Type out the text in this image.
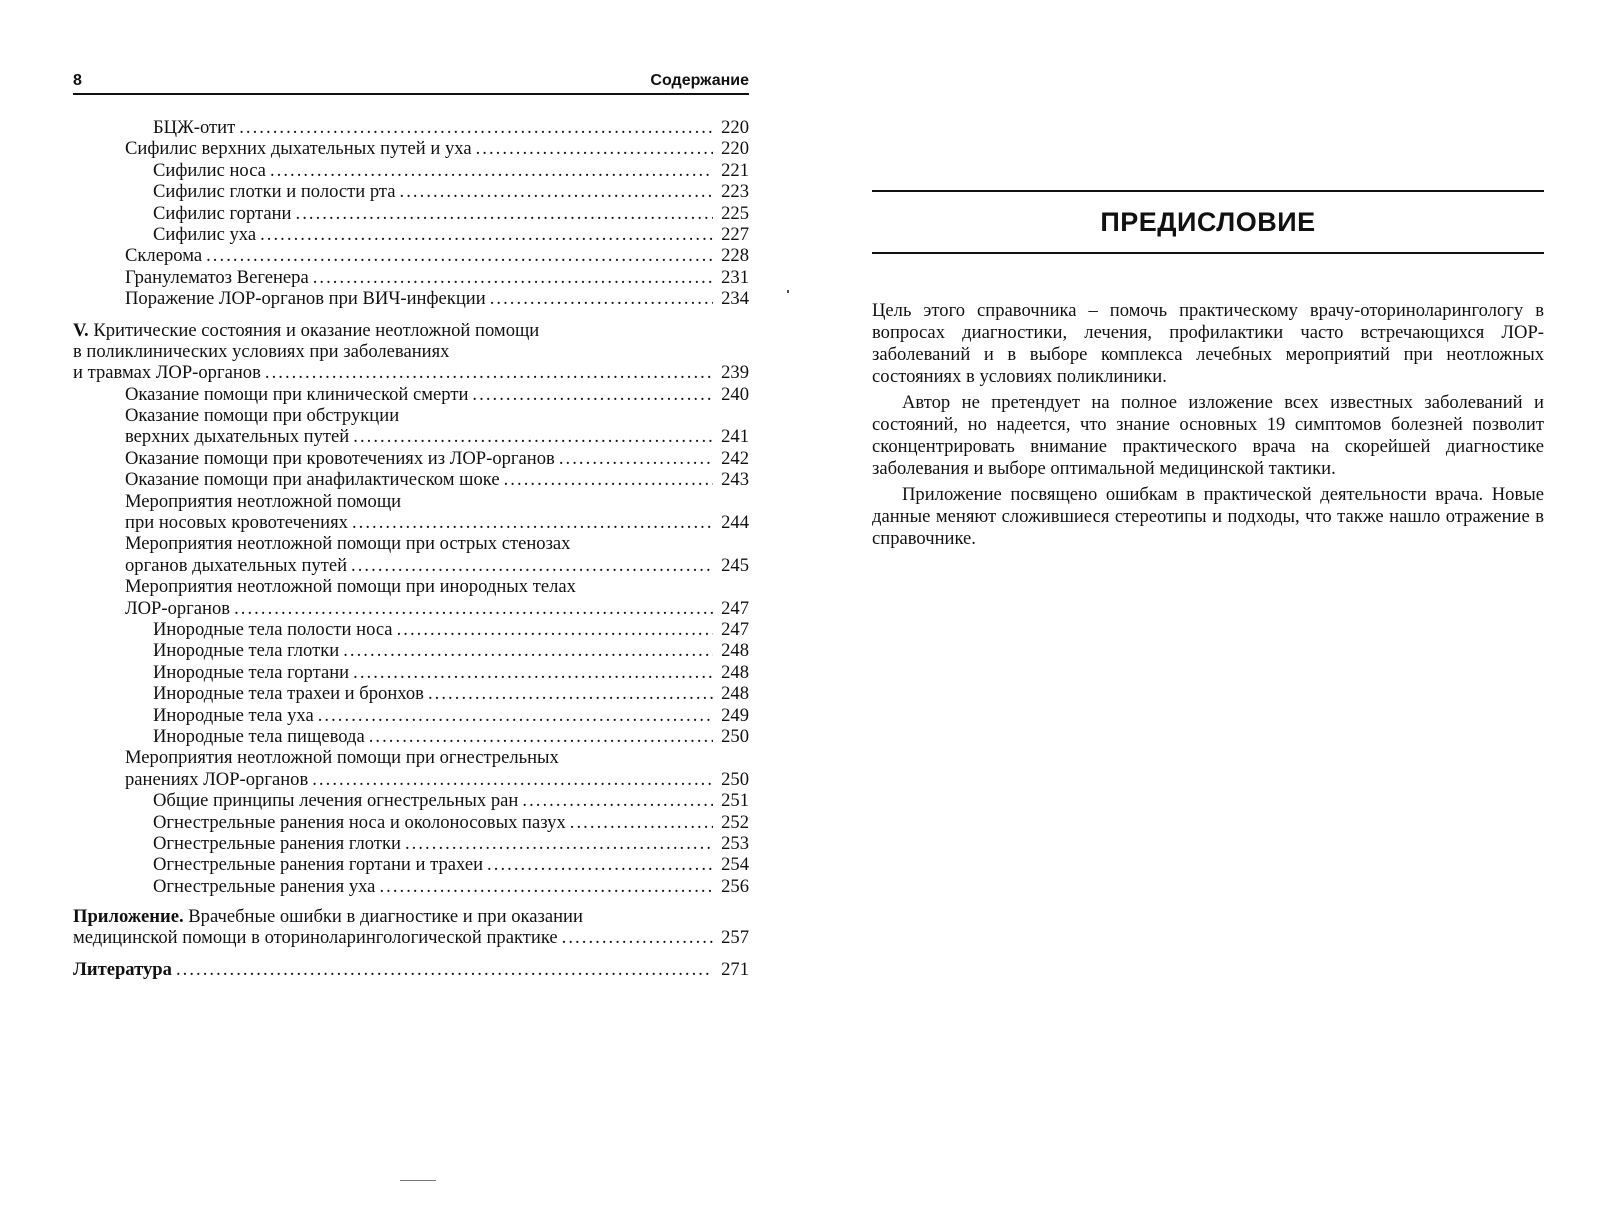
8	Содержание
БЦЖ-отит . . .	220
Сифилис верхних дыхательных путей и уха . . .	220
Сифилис носа . . .	221
Сифилис глотки и полости рта . . .	223
Сифилис гортани . . .	225
Сифилис уха . . .	227
Склерома . . .	228
Гранулематоз Вегенера . . .	231
Поражение ЛОР-органов при ВИЧ-инфекции . . .	234
V. Критические состояния и оказание неотложной помощи
в поликлинических условиях при заболеваниях
и травмах ЛОР-органов . . .	239
Оказание помощи при клинической смерти . . .	240
Оказание помощи при обструкции
верхних дыхательных путей . . .	241
Оказание помощи при кровотечениях из ЛОР-органов . . .	242
Оказание помощи при анафилактическом шоке . . .	243
Мероприятия неотложной помощи
при носовых кровотечениях . . .	244
Мероприятия неотложной помощи при острых стенозах
органов дыхательных путей . . .	245
Мероприятия неотложной помощи при инородных телах
ЛОР-органов . . .	247
Инородные тела полости носа . . .	247
Инородные тела глотки . . .	248
Инородные тела гортани . . .	248
Инородные тела трахеи и бронхов . . .	248
Инородные тела уха . . .	249
Инородные тела пищевода . . .	250
Мероприятия неотложной помощи при огнестрельных
ранениях ЛОР-органов . . .	250
Общие принципы лечения огнестрельных ран . . .	251
Огнестрельные ранения носа и околоносовых пазух . . .	252
Огнестрельные ранения глотки . . .	253
Огнестрельные ранения гортани и трахеи . . .	254
Огнестрельные ранения уха . . .	256
Приложение. Врачебные ошибки в диагностике и при оказании
медицинской помощи в оториноларингологической практике . . .	257
Литература . . .	271
ПРЕДИСЛОВИЕ

Цель этого справочника – помочь практическому врачу-оториноларингологу в вопросах диагностики, лечения, профилактики часто встречающихся ЛОР-заболеваний и в выборе комплекса лечебных мероприятий при неотложных состояниях в условиях поликлиники.

Автор не претендует на полное изложение всех известных заболеваний и состояний, но надеется, что знание основных 19 симптомов болезней позволит сконцентрировать внимание практического врача на скорейшей диагностике заболевания и выборе оптимальной медицинской тактики.

Приложение посвящено ошибкам в практической деятельности врача. Новые данные меняют сложившиеся стереотипы и подходы, что также нашло отражение в справочнике.
